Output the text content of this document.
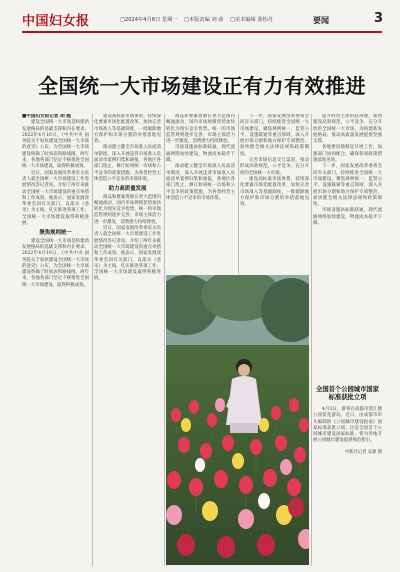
中国妇女报	□2024年4月8日 星期一 □本版责编 刘 茵 □美术编辑 邵怡丹	要闻	3
全国统一大市场建设正有力有效推进

■中国妇女报记者 胡 越

建设全国统一大市场是构建新发展格局的基础支撑和内在要求。2022年4月10日，《中共中央 国务院关于加快建设全国统一大市场的意见》公布，为全国统一大市场建设明确了时间表和路线图。两年来，各地各部门坚定不移推进全国统一大市场建设，取得积极成效。

近日，国家发展改革委有关负责人就全国统一大市场建设工作进展情况答记者问，介绍了两年来推动全国统一大市场建设的重点举措和工作成效。他表示，国家发展改革委会同有关部门，以落实《意见》为主线，扎实推进各项工作，全国统一大市场建设取得积极进展。

聚焦规则统一

建设全国统一大市场是构建新发展格局的基础支撑和内在要求。2022年4月10日，《中共中央 国务院关于加快建设全国统一大市场的意见》公布，为全国统一大市场建设明确了时间表和路线图。两年来，各地各部门坚定不移推进全国统一大市场建设，取得积极成效。

建设高标准市场体系，持续深化要素市场化配置改革，加快完善市场准入等基础制度，一批破除地方保护和市场分割的举措落地见效。

推动建立健全市场准入负面清单制度，深入开展违背市场准入负面清单案例归集和通报，各地区各部门废止、修订妨碍统一市场和公平竞争的政策措施，为各类经营主体创造公平竞争的市场环境。

助力高质量发展

商品和要素资源在更大范围内畅通流动，国内市场规模优势加快转化为现实竞争优势。统一的市场监管规则逐步完善，市场主体活力进一步激发，消费潜力持续释放。

近日，国家发展改革委有关负责人就全国统一大市场建设工作进展情况答记者问，介绍了两年来推动全国统一大市场建设的重点举措和工作成效。他表示，国家发展改革委会同有关部门，以落实《意见》为主线，扎实推进各项工作，全国统一大市场建设取得积极进展。

商品和要素资源在更大范围内畅通流动，国内市场规模优势加快转化为现实竞争优势。统一的市场监管规则逐步完善，市场主体活力进一步激发，消费潜力持续释放。

市场设施高标准联通，现代流通网络加快建设，物流成本稳步下降。

推动建立健全市场准入负面清单制度，深入开展违背市场准入负面清单案例归集和通报，各地区各部门废止、修订妨碍统一市场和公平竞争的政策措施，为各类经营主体创造公平竞争的市场环境。

下一步，国家发展改革委将会同有关部门，持续推进全国统一大市场建设，聚焦规则统一、监管公平、设施联通等重点领域，深入开展市场分割和地方保护专项整治，加快健全相关法律法规和政策制度。

完善市场信息交互渠道，推动形成高效规范、公平竞争、充分开放的全国统一大市场。

建设高标准市场体系，持续深化要素市场化配置改革，加快完善市场准入等基础制度，一批破除地方保护和市场分割的举措落地见效。

提升经营主体的获得感，加快建设高效规范、公平竞争、充分开放的全国统一大市场，为构建新发展格局、推动高质量发展提供坚强支撑。

各地要因地制宜开展工作，加强部门协同配合，确保各项政策措施落地见效。

下一步，国家发展改革委将会同有关部门，持续推进全国统一大市场建设，聚焦规则统一、监管公平、设施联通等重点领域，深入开展市场分割和地方保护专项整治，加快健全相关法律法规和政策制度。

市场设施高标准联通，现代流通网络加快建设，物流成本稳步下降。

全国首个公园城市国家标准获批立项
4月3日，游客在成都市望江楼公园赏花游玩。近日，由成都市牵头编制的《公园城市建设指南》国家标准获批立项，这是全国首个公园城市建设国家标准，将为各地开展公园城市建设提供规范指引。
中新社记者 安源 摄
